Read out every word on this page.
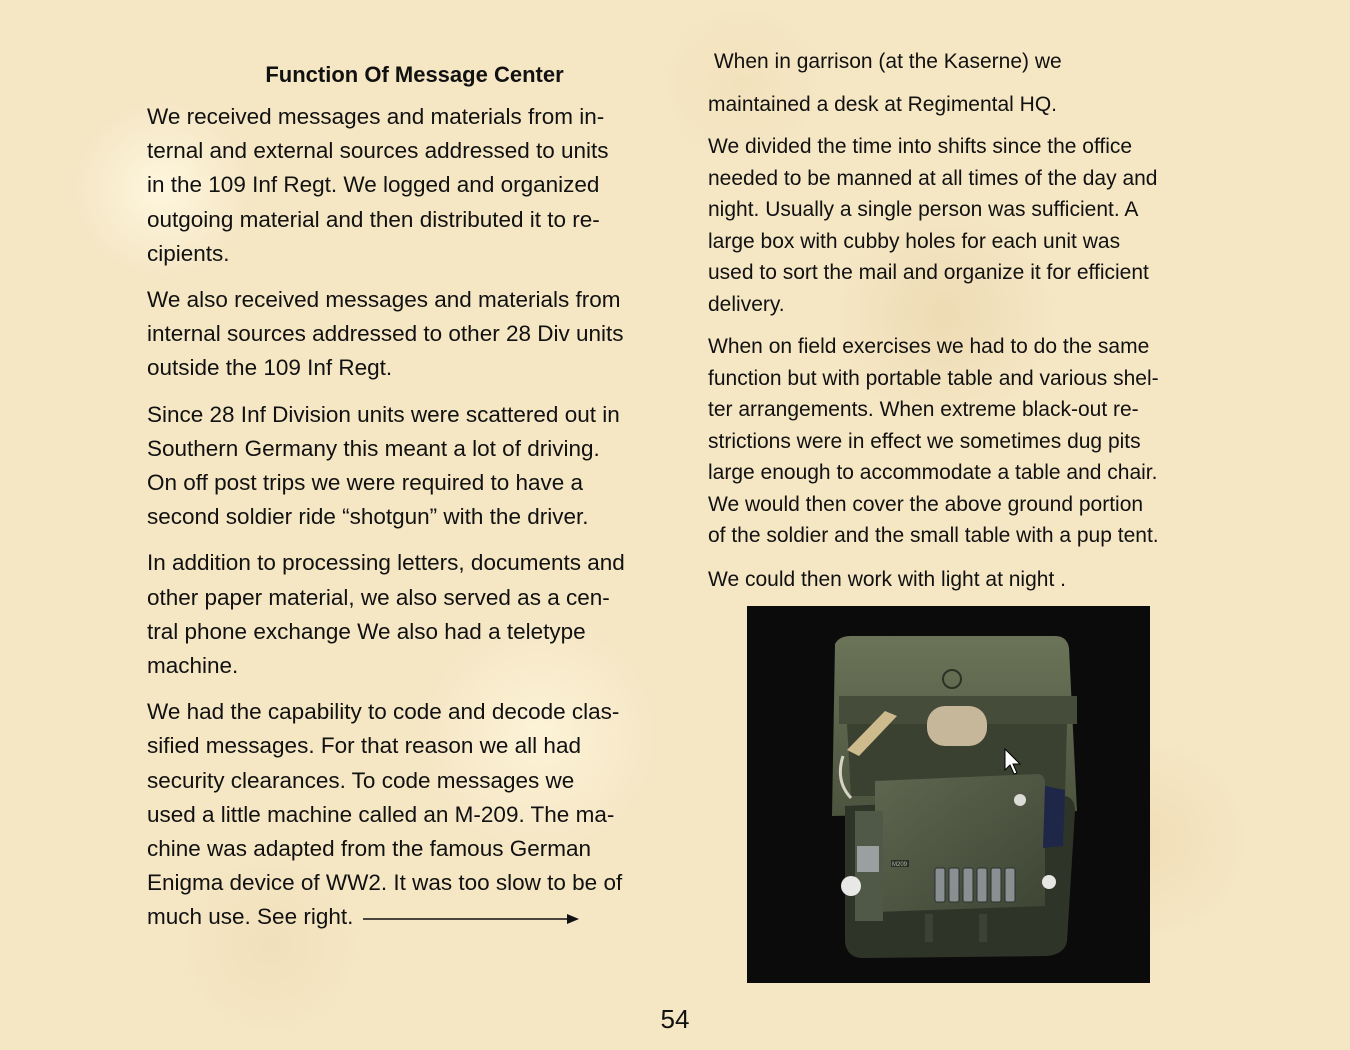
Function Of Message Center

We received messages and materials from in-
ternal and external sources addressed to units
in the 109 Inf Regt. We logged and organized
outgoing material and then distributed it to re-
cipients.

We also received messages and materials from
internal sources addressed to other 28 Div units
outside the 109 Inf Regt.

Since 28 Inf Division units were scattered out in
Southern Germany this meant a lot of driving.
On off post trips we were required to have a
second soldier ride “shotgun” with the driver.

In addition to processing letters, documents and
other paper material, we also served as a cen-
tral phone exchange We also had a teletype
machine.

We had the capability to code and decode clas-
sified messages. For that reason we all had
security clearances. To code messages we
used a little machine called an M-209. The ma-
chine was adapted from the famous German
Enigma device of WW2. It was too slow to be of
much use. See right.

When in garrison (at the Kaserne) we

maintained a desk at Regimental HQ.

We divided the time into shifts since the office
needed to be manned at all times of the day and
night. Usually a single person was sufficient. A
large box with cubby holes for each unit was
used to sort the mail and organize it for efficient
delivery.

When on field exercises we had to do the same
function but with portable table and various shel-
ter arrangements. When extreme black-out re-
strictions were in effect we sometimes dug pits
large enough to accommodate a table and chair.
We would then cover the above ground portion
of the soldier and the small table with a pup tent.

We could then work with light at night .

M209
54
